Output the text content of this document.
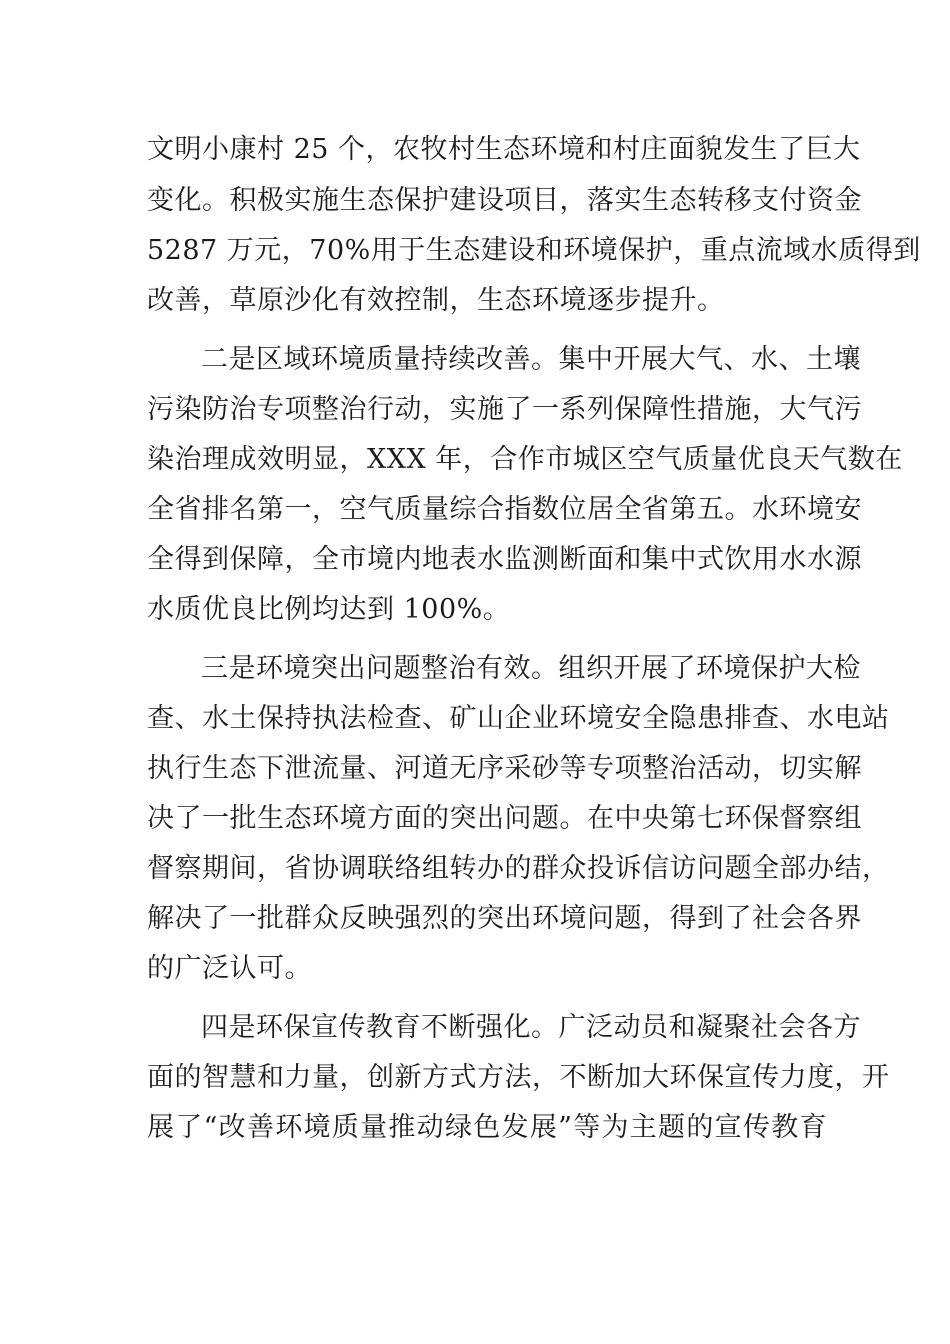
文明小康村 25 个，农牧村生态环境和村庄面貌发生了巨大
变化。积极实施生态保护建设项目，落实生态转移支付资金
5287 万元，70%用于生态建设和环境保护，重点流域水质得到
改善，草原沙化有效控制，生态环境逐步提升。
二是区域环境质量持续改善。集中开展大气、水、土壤
污染防治专项整治行动，实施了一系列保障性措施，大气污
染治理成效明显，XXX 年，合作市城区空气质量优良天气数在
全省排名第一，空气质量综合指数位居全省第五。水环境安
全得到保障，全市境内地表水监测断面和集中式饮用水水源
水质优良比例均达到 100%。
三是环境突出问题整治有效。组织开展了环境保护大检
查、水土保持执法检查、矿山企业环境安全隐患排查、水电站
执行生态下泄流量、河道无序采砂等专项整治活动，切实解
决了一批生态环境方面的突出问题。在中央第七环保督察组
督察期间，省协调联络组转办的群众投诉信访问题全部办结，
解决了一批群众反映强烈的突出环境问题，得到了社会各界
的广泛认可。
四是环保宣传教育不断强化。广泛动员和凝聚社会各方
面的智慧和力量，创新方式方法，不断加大环保宣传力度，开
展了“改善环境质量推动绿色发展”等为主题的宣传教育
